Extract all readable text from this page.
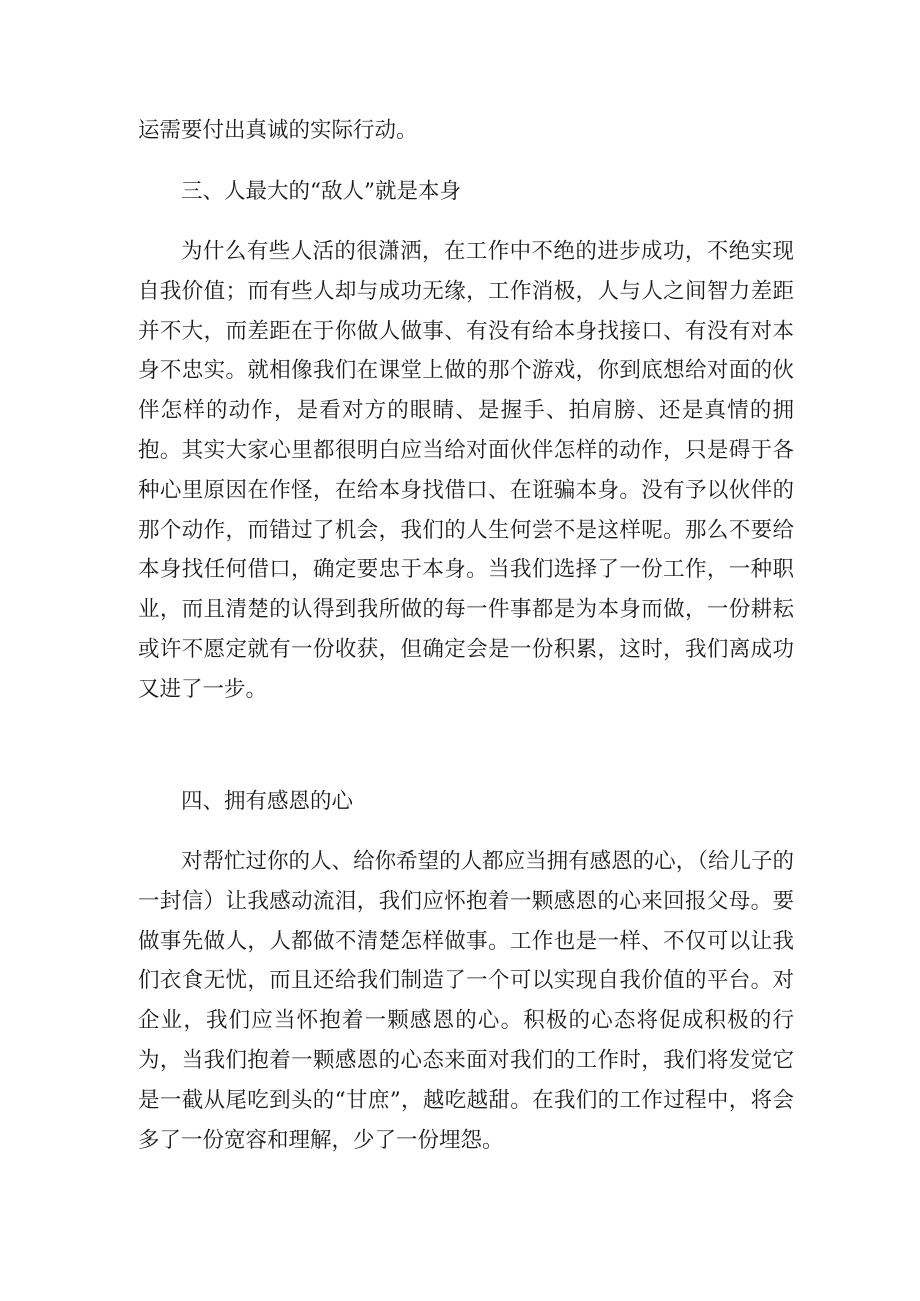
运需要付出真诚的实际行动。
三、人最大的“敌人”就是本身
为什么有些人活的很潇洒，在工作中不绝的进步成功，不绝实现自我价值；而有些人却与成功无缘，工作消极，人与人之间智力差距并不大，而差距在于你做人做事、有没有给本身找接口、有没有对本身不忠实。就相像我们在课堂上做的那个游戏，你到底想给对面的伙伴怎样的动作，是看对方的眼睛、是握手、拍肩膀、还是真情的拥抱。其实大家心里都很明白应当给对面伙伴怎样的动作，只是碍于各种心里原因在作怪，在给本身找借口、在诳骗本身。没有予以伙伴的那个动作，而错过了机会，我们的人生何尝不是这样呢。那么不要给本身找任何借口，确定要忠于本身。当我们选择了一份工作，一种职业，而且清楚的认得到我所做的每一件事都是为本身而做，一份耕耘或许不愿定就有一份收获，但确定会是一份积累，这时，我们离成功又进了一步。
四、拥有感恩的心
对帮忙过你的人、给你希望的人都应当拥有感恩的心，（给儿子的一封信）让我感动流泪，我们应怀抱着一颗感恩的心来回报父母。要做事先做人，人都做不清楚怎样做事。工作也是一样、不仅可以让我们衣食无忧，而且还给我们制造了一个可以实现自我价值的平台。对企业，我们应当怀抱着一颗感恩的心。积极的心态将促成积极的行为，当我们抱着一颗感恩的心态来面对我们的工作时，我们将发觉它是一截从尾吃到头的“甘庶”，越吃越甜。在我们的工作过程中，将会多了一份宽容和理解，少了一份埋怨。
